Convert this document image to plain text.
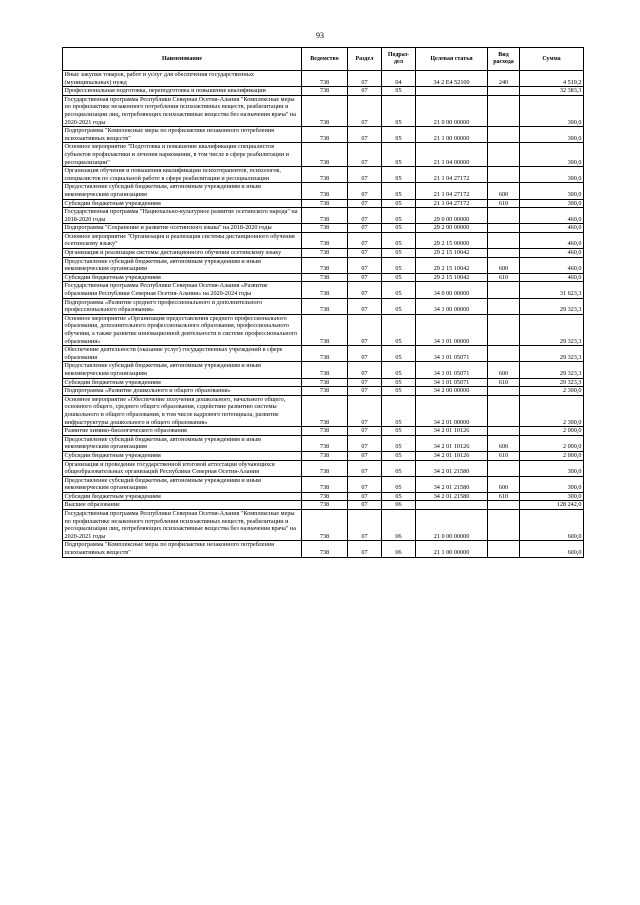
93
Наименование	Ведомство	Раздел	Подраз-дел	Целевая статья	Вид расхода	Сумма
Иные закупки товаров, работ и услуг для обеспечения государственных (муниципальных) нужд	738	07	04	34 2 Е4 52100	240	4 519,2
Профессиональная подготовка, переподготовка и повышение квалификации	738	07	05			32 383,3
Государственная программа Республики Северная Осетия-Алания "Комплексные меры по профилактике незаконного потребления психоактивных веществ, реабилитации и ресоциализации лиц, потребляющих психоактивные вещества без назначения врача" на 2020-2021 годы	738	07	05	21 0 00 00000		300,0
Подпрограмма "Комплексные меры по профилактике незаконного потребления психоактивных веществ"	738	07	05	21 1 00 00000		300,0
Основное мероприятие "Подготовка и повышение квалификации специалистов субъектов профилактики и лечения наркомании, в том числе в сфере реабилитации и ресоциализации"	738	07	05	21 1 04 00000		300,0
Организация обучения и повышения квалификации психотерапевтов, психологов, специалистов по социальной работе в сфере реабилитации и ресоциализации	738	07	05	21 1 04 27172		300,0
Предоставление субсидий бюджетным, автономным учреждениям и иным некоммерческим организациям	738	07	05	21 1 04 27172	600	300,0
Субсидии бюджетным учреждениям	738	07	05	21 1 04 27172	610	300,0
Государственная программа "Национально-культурное развитие осетинского народа" на 2018-2020 годы	738	07	05	29 0 00 00000		460,0
Подпрограмма "Сохранение и развитие осетинского языка" на 2018-2020 годы	738	07	05	29 2 00 00000		460,0
Основное мероприятие "Организация и реализация системы дистанционного обучения осетинскому языку"	738	07	05	29 2 15 00000		460,0
Организация и реализация системы дистанционного обучения осетинскому языку	738	07	05	29 2 15 10042		460,0
Предоставление субсидий бюджетным, автономным учреждениям и иным некоммерческим организациям	738	07	05	29 2 15 10042	600	460,0
Субсидии бюджетным учреждениям	738	07	05	29 2 15 10042	610	460,0
Государственная программа Республики Северная Осетия-Алания «Развитие образования Республики Северная Осетия-Алания» на 2020-2024 годы	738	07	05	34 0 00 00000		31 623,3
Подпрограмма «Развитие среднего профессионального и дополнительного профессионального образования»	738	07	05	34 1 00 00000		29 323,3
Основное мероприятие «Организация предоставления среднего профессионального образования, дополнительного профессионального образования, профессионального обучения, а также развитие инновационной деятельности в системе профессионального образования»	738	07	05	34 1 01 00000		29 323,3
Обеспечение деятельности (оказание услуг) государственных учреждений в сфере образования	738	07	05	34 1 01 05071		29 323,3
Предоставление субсидий бюджетным, автономным учреждениям и иным некоммерческим организациям	738	07	05	34 1 01 05071	600	29 323,3
Субсидии бюджетным учреждениям	738	07	05	34 1 01 05071	610	29 323,3
Подпрограмма «Развитие дошкольного и общего образования»	738	07	05	34 2 00 00000		2 300,0
Основное мероприятие «Обеспечение получения дошкольного, начального общего, основного общего, среднего общего образования, содействие развитию системы дошкольного и общего образования, в том числе кадрового потенциала, развитие инфраструктуры дошкольного и общего образования»	738	07	05	34 2 01 00000		2 300,0
Развитие химико-биологического образования	738	07	05	34 2 01 10126		2 000,0
Предоставление субсидий бюджетным, автономным учреждениям и иным некоммерческим организациям	738	07	05	34 2 01 10126	600	2 000,0
Субсидии бюджетным учреждениям	738	07	05	34 2 01 10126	610	2 000,0
Организация и проведение государственной итоговой аттестации обучающихся общеобразовательных организаций Республики Северная Осетия-Алания	738	07	05	34 2 01 21580		300,0
Предоставление субсидий бюджетным, автономным учреждениям и иным некоммерческим организациям	738	07	05	34 2 01 21580	600	300,0
Субсидии бюджетным учреждениям	738	07	05	34 2 01 21580	610	300,0
Высшее образование	738	07	06			128 242,0
Государственная программа Республики Северная Осетия-Алания "Комплексные меры по профилактике незаконного потребления психоактивных веществ, реабилитации и ресоциализации лиц, потребляющих психоактивные вещества без назначения врача" на 2020-2021 годы	738	07	06	21 0 00 00000		600,0
Подпрограмма "Комплексные меры по профилактике незаконного потребления психоактивных веществ"	738	07	06	21 1 00 00000		600,0
